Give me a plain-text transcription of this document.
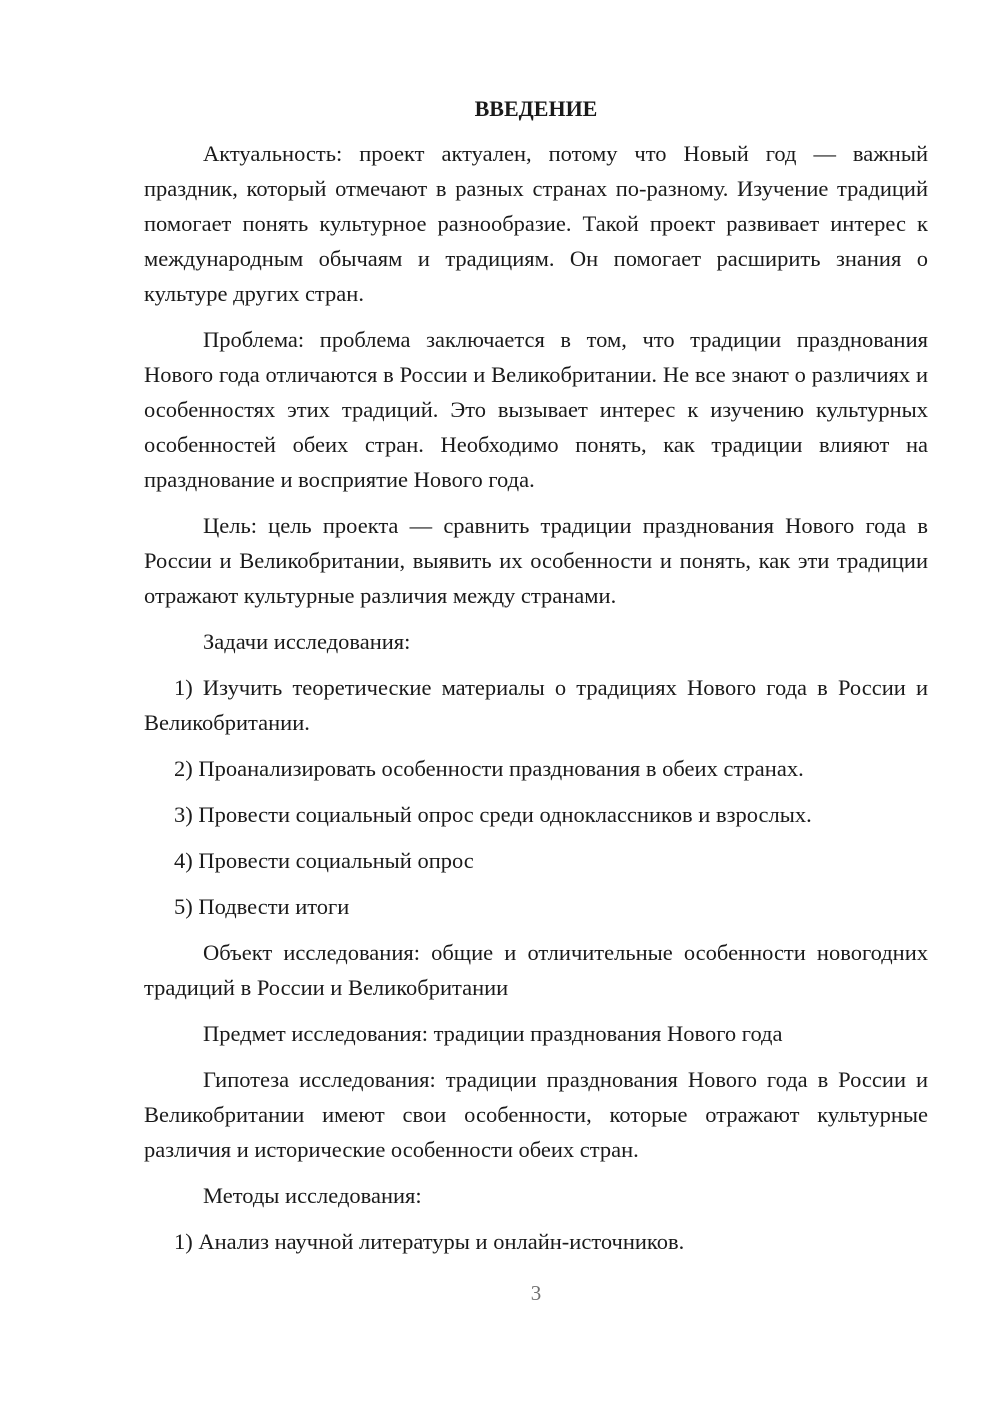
ВВЕДЕНИЕ

Актуальность: проект актуален, потому что Новый год — важный праздник, который отмечают в разных странах по-разному. Изучение традиций помогает понять культурное разнообразие. Такой проект развивает интерес к международным обычаям и традициям. Он помогает расширить знания о культуре других стран.

Проблема: проблема заключается в том, что традиции празднования Нового года отличаются в России и Великобритании. Не все знают о различиях и особенностях этих традиций. Это вызывает интерес к изучению культурных особенностей обеих стран. Необходимо понять, как традиции влияют на празднование и восприятие Нового года.

Цель: цель проекта — сравнить традиции празднования Нового года в России и Великобритании, выявить их особенности и понять, как эти традиции отражают культурные различия между странами.

Задачи исследования:

1) Изучить теоретические материалы о традициях Нового года в России и Великобритании.

2) Проанализировать особенности празднования в обеих странах.

3) Провести социальный опрос среди одноклассников и взрослых.

4) Провести социальный опрос

5) Подвести итоги

Объект исследования: общие и отличительные особенности новогодних традиций в России и Великобритании

Предмет исследования: традиции празднования Нового года

Гипотеза исследования: традиции празднования Нового года в России и Великобритании имеют свои особенности, которые отражают культурные различия и исторические особенности обеих стран.

Методы исследования:

1) Анализ научной литературы и онлайн-источников.

3
